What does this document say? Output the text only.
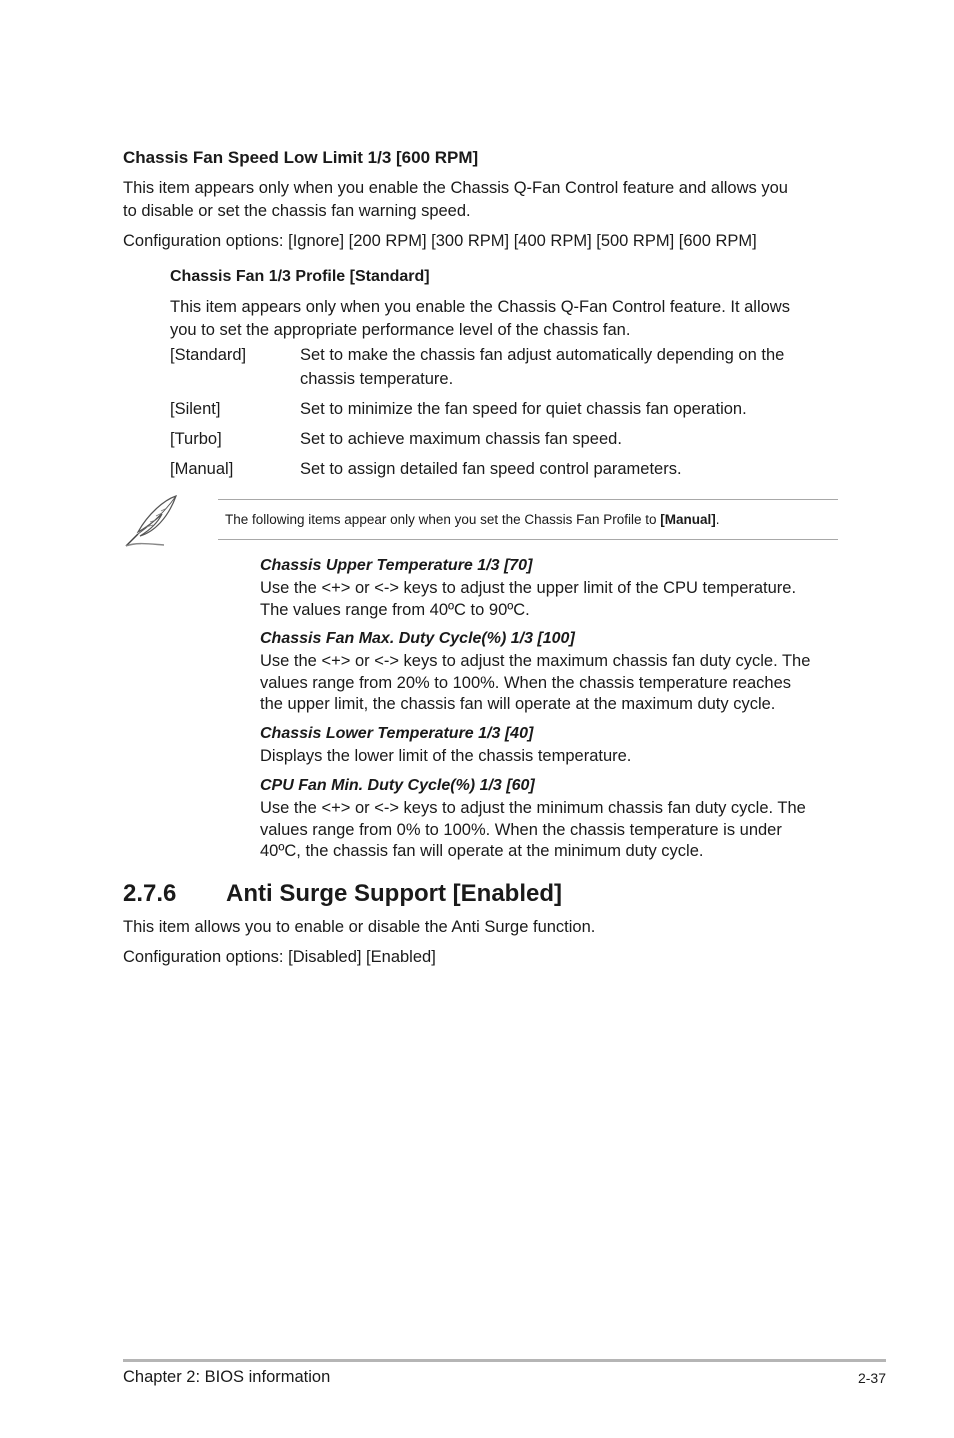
Chassis Fan Speed Low Limit 1/3 [600 RPM]
This item appears only when you enable the Chassis Q-Fan Control feature and allows you
to disable or set the chassis fan warning speed.
Configuration options: [Ignore] [200 RPM] [300 RPM] [400 RPM] [500 RPM] [600 RPM]
Chassis Fan 1/3 Profile [Standard]
This item appears only when you enable the Chassis Q-Fan Control feature. It allows
you to set the appropriate performance level of the chassis fan.
[Standard]	Set to make the chassis fan adjust automatically depending on the
chassis temperature.
[Silent]	Set to minimize the fan speed for quiet chassis fan operation.
[Turbo]	Set to achieve maximum chassis fan speed.
[Manual]	Set to assign detailed fan speed control parameters.
The following items appear only when you set the Chassis Fan Profile to [Manual].
Chassis Upper Temperature 1/3 [70]
Use the <+> or <-> keys to adjust the upper limit of the CPU temperature.
The values range from 40ºC to 90ºC.
Chassis Fan Max. Duty Cycle(%) 1/3 [100]
Use the <+> or <-> keys to adjust the maximum chassis fan duty cycle. The
values range from 20% to 100%. When the chassis temperature reaches
the upper limit, the chassis fan will operate at the maximum duty cycle.
Chassis Lower Temperature 1/3 [40]
Displays the lower limit of the chassis temperature.
CPU Fan Min. Duty Cycle(%) 1/3 [60]
Use the <+> or <-> keys to adjust the minimum chassis fan duty cycle. The
values range from 0% to 100%. When the chassis temperature is under
40ºC, the chassis fan will operate at the minimum duty cycle.
2.7.6 Anti Surge Support [Enabled]
This item allows you to enable or disable the Anti Surge function.
Configuration options: [Disabled] [Enabled]
Chapter 2: BIOS information	2-37
